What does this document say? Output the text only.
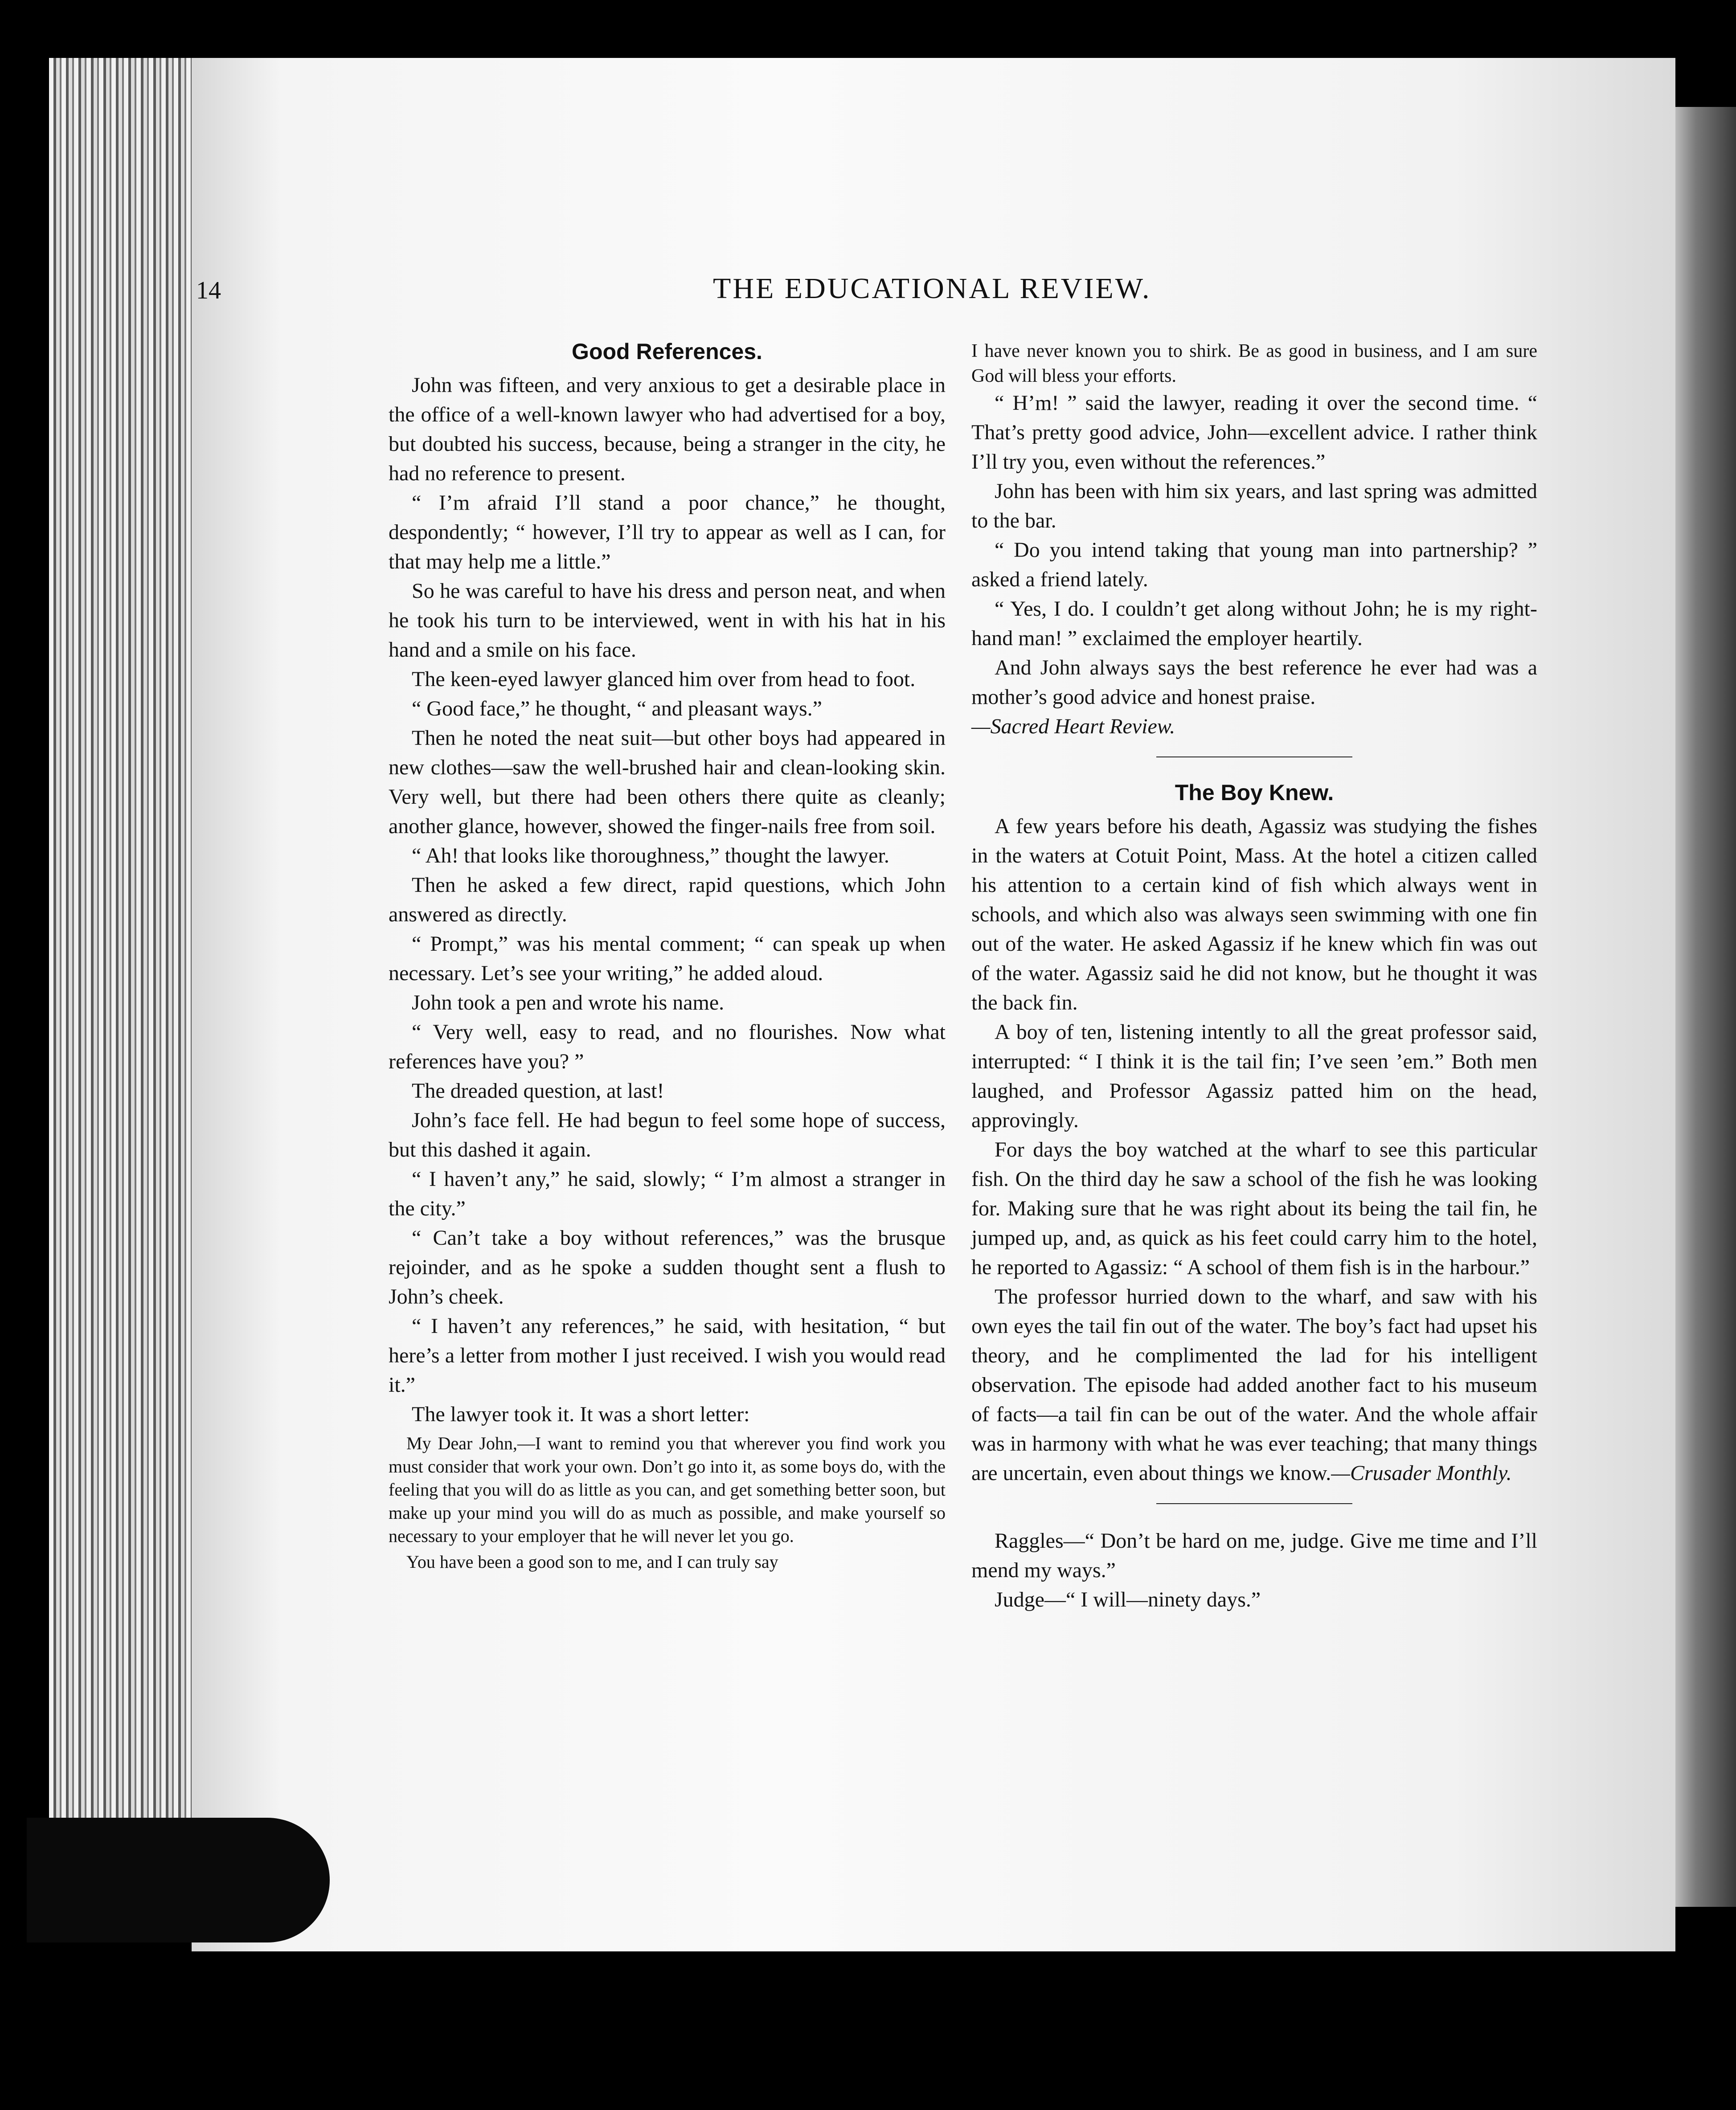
14	THE EDUCATIONAL REVIEW.
Good References.

John was fifteen, and very anxious to get a desirable place in the office of a well-known lawyer who had advertised for a boy, but doubted his success, because, being a stranger in the city, he had no reference to present.

“ I’m afraid I’ll stand a poor chance,” he thought, despondently; “ however, I’ll try to appear as well as I can, for that may help me a little.”

So he was careful to have his dress and person neat, and when he took his turn to be interviewed, went in with his hat in his hand and a smile on his face.

The keen-eyed lawyer glanced him over from head to foot.

“ Good face,” he thought, “ and pleasant ways.”

Then he noted the neat suit—but other boys had appeared in new clothes—saw the well-brushed hair and clean-looking skin. Very well, but there had been others there quite as cleanly; another glance, however, showed the finger-nails free from soil.

“ Ah! that looks like thoroughness,” thought the lawyer.

Then he asked a few direct, rapid questions, which John answered as directly.

“ Prompt,” was his mental comment; “ can speak up when necessary. Let’s see your writing,” he added aloud.

John took a pen and wrote his name.

“ Very well, easy to read, and no flourishes. Now what references have you? ”

The dreaded question, at last!

John’s face fell. He had begun to feel some hope of success, but this dashed it again.

“ I haven’t any,” he said, slowly; “ I’m almost a stranger in the city.”

“ Can’t take a boy without references,” was the brusque rejoinder, and as he spoke a sudden thought sent a flush to John’s cheek.

“ I haven’t any references,” he said, with hesitation, “ but here’s a letter from mother I just received. I wish you would read it.”

The lawyer took it. It was a short letter:

My Dear John,—I want to remind you that wherever you find work you must consider that work your own. Don’t go into it, as some boys do, with the feeling that you will do as little as you can, and get something better soon, but make up your mind you will do as much as possible, and make yourself so necessary to your employer that he will never let you go.

You have been a good son to me, and I can truly say

I have never known you to shirk. Be as good in business, and I am sure God will bless your efforts.

“ H’m! ” said the lawyer, reading it over the second time. “ That’s pretty good advice, John—excellent advice. I rather think I’ll try you, even without the references.”

John has been with him six years, and last spring was admitted to the bar.

“ Do you intend taking that young man into partnership? ” asked a friend lately.

“ Yes, I do. I couldn’t get along without John; he is my right-hand man! ” exclaimed the employer heartily.

And John always says the best reference he ever had was a mother’s good advice and honest praise.

—Sacred Heart Review.

The Boy Knew.

A few years before his death, Agassiz was studying the fishes in the waters at Cotuit Point, Mass. At the hotel a citizen called his attention to a certain kind of fish which always went in schools, and which also was always seen swimming with one fin out of the water. He asked Agassiz if he knew which fin was out of the water. Agassiz said he did not know, but he thought it was the back fin.

A boy of ten, listening intently to all the great professor said, interrupted: “ I think it is the tail fin; I’ve seen ’em.” Both men laughed, and Professor Agassiz patted him on the head, approvingly.

For days the boy watched at the wharf to see this particular fish. On the third day he saw a school of the fish he was looking for. Making sure that he was right about its being the tail fin, he jumped up, and, as quick as his feet could carry him to the hotel, he reported to Agassiz: “ A school of them fish is in the harbour.”

The professor hurried down to the wharf, and saw with his own eyes the tail fin out of the water. The boy’s fact had upset his theory, and he complimented the lad for his intelligent observation. The episode had added another fact to his museum of facts—a tail fin can be out of the water. And the whole affair was in harmony with what he was ever teaching; that many things are uncertain, even about things we know.—Crusader Monthly.

Raggles—“ Don’t be hard on me, judge. Give me time and I’ll mend my ways.”

Judge—“ I will—ninety days.”
